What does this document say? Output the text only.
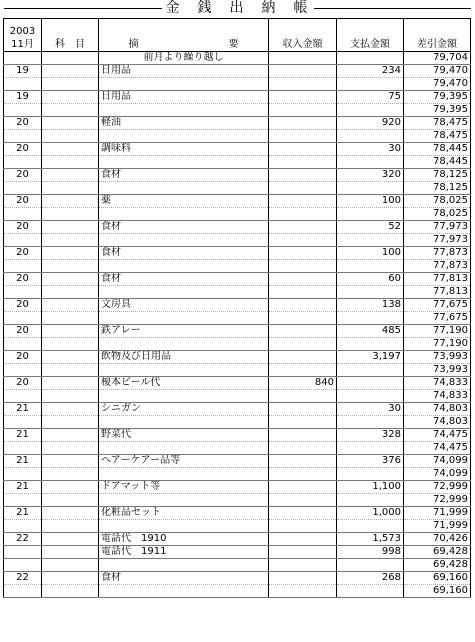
金　銭　出　納　帳
2003
11月	科　目	摘 要	収入金額	支払金額	差引金額
		前月より繰り越し			79,704
19		日用品		234	79,470
					79,470
19		日用品		75	79,395
					79,395
20		軽油		920	78,475
					78,475
20		調味料		30	78,445
					78,445
20		食材		320	78,125
					78,125
20		薬		100	78,025
					78,025
20		食材		52	77,973
					77,973
20		食材		100	77,873
					77,873
20		食材		60	77,813
					77,813
20		文房具		138	77,675
					77,675
20		鉄アレー		485	77,190
					77,190
20		飲物及び日用品		3,197	73,993
					73,993
20		榎本ビール代	840		74,833
					74,833
21		シニガン		30	74,803
					74,803
21		野菜代		328	74,475
					74,475
21		ヘアーケアー品等		376	74,099
					74,099
21		ドアマット等		1,100	72,999
					72,999
21		化粧品セット		1,000	71,999
					71,999
22		電話代　1910		1,573	70,426
		電話代　1911		998	69,428
					69,428
22		食材		268	69,160
					69,160
